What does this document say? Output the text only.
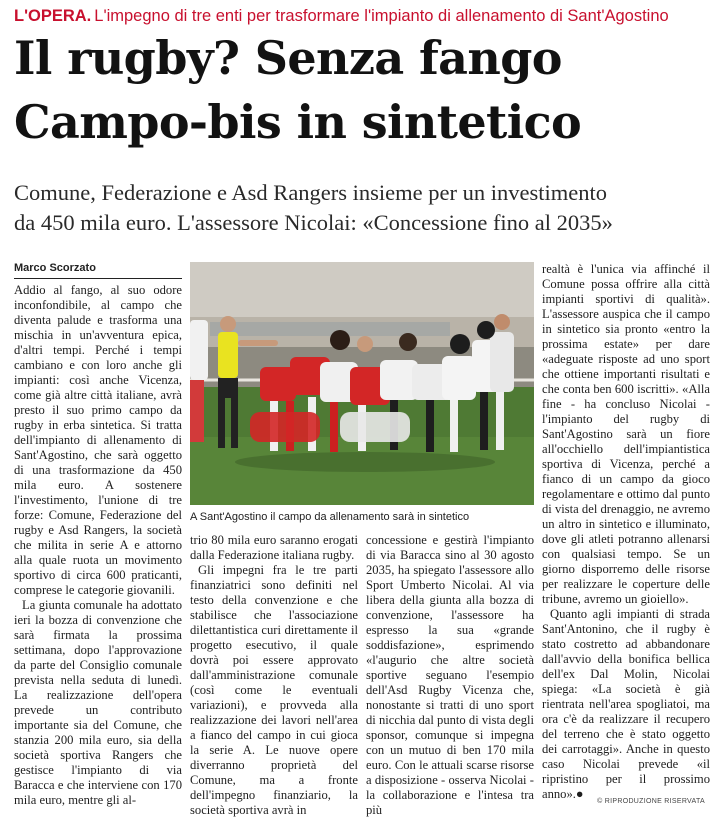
L'OPERA. L'impegno di tre enti per trasformare l'impianto di allenamento di Sant'Agostino
Il rugby? Senza fango
Campo-bis in sintetico
Comune, Federazione e Asd Rangers insieme per un investimento
da 450 mila euro. L'assessore Nicolai: «Concessione fino al 2035»
Marco Scorzato

Addio al fango, al suo odore inconfondibile, al campo che diventa palude e trasforma una mischia in un'avventura epica, d'altri tempi. Perché i tempi cambiano e con loro anche gli impianti: così anche Vicenza, come già altre città italiane, avrà presto il suo primo campo da rugby in erba sintetica. Si tratta dell'impianto di allenamento di Sant'Agostino, che sarà oggetto di una trasformazione da 450 mila euro. A sostenere l'investimento, l'unione di tre forze: Comune, Federazione del rugby e Asd Rangers, la società che milita in serie A e attorno alla quale ruota un movimento sportivo di circa 600 praticanti, comprese le categorie giovanili.

La giunta comunale ha adottato ieri la bozza di convenzione che sarà firmata la prossima settimana, dopo l'approvazione da parte del Consiglio comunale prevista nella seduta di lunedì. La realizzazione dell'opera prevede un contributo importante sia del Comune, che stanzia 200 mila euro, sia della società sportiva Rangers che gestisce l'impianto di via Baracca e che interviene con 170 mila euro, mentre gli al-

A Sant'Agostino il campo da allenamento sarà in sintetico

trio 80 mila euro saranno erogati dalla Federazione italiana rugby.

Gli impegni fra le tre parti finanziatrici sono definiti nel testo della convenzione e che stabilisce che l'associazione dilettantistica curi direttamente il progetto esecutivo, il quale dovrà poi essere approvato dall'amministrazione comunale (così come le eventuali variazioni), e provveda alla realizzazione dei lavori nell'area a fianco del campo in cui gioca la serie A. Le nuove opere diverranno proprietà del Comune, ma a fronte dell'impegno finanziario, la società sportiva avrà in

concessione e gestirà l'impianto di via Baracca sino al 30 agosto 2035, ha spiegato l'assessore allo Sport Umberto Nicolai. Al via libera della giunta alla bozza di convenzione, l'assessore ha espresso la sua «grande soddisfazione», esprimendo «l'augurio che altre società sportive seguano l'esempio dell'Asd Rugby Vicenza che, nonostante si tratti di uno sport di nicchia dal punto di vista degli sponsor, comunque si impegna con un mutuo di ben 170 mila euro. Con le attuali scarse risorse a disposizione - osserva Nicolai - la collaborazione e l'intesa tra più

realtà è l'unica via affinché il Comune possa offrire alla città impianti sportivi di qualità». L'assessore auspica che il campo in sintetico sia pronto «entro la prossima estate» per dare «adeguate risposte ad uno sport che ottiene importanti risultati e che conta ben 600 iscritti». «Alla fine - ha concluso Nicolai - l'impianto del rugby di Sant'Agostino sarà un fiore all'occhiello dell'impiantistica sportiva di Vicenza, perché a fianco di un campo da gioco regolamentare e ottimo dal punto di vista del drenaggio, ne avremo un altro in sintetico e illuminato, dove gli atleti potranno allenarsi con qualsiasi tempo. Se un giorno disporremo delle risorse per realizzare le coperture delle tribune, avremo un gioiello».

Quanto agli impianti di strada Sant'Antonino, che il rugby è stato costretto ad abbandonare dall'avvio della bonifica bellica dell'ex Dal Molin, Nicolai spiega: «La società è già rientrata nell'area spogliatoi, ma ora c'è da realizzare il recupero del terreno che è stato oggetto dei carrotaggi». Anche in questo caso Nicolai prevede «il ripristino per il prossimo anno».●

© RIPRODUZIONE RISERVATA
